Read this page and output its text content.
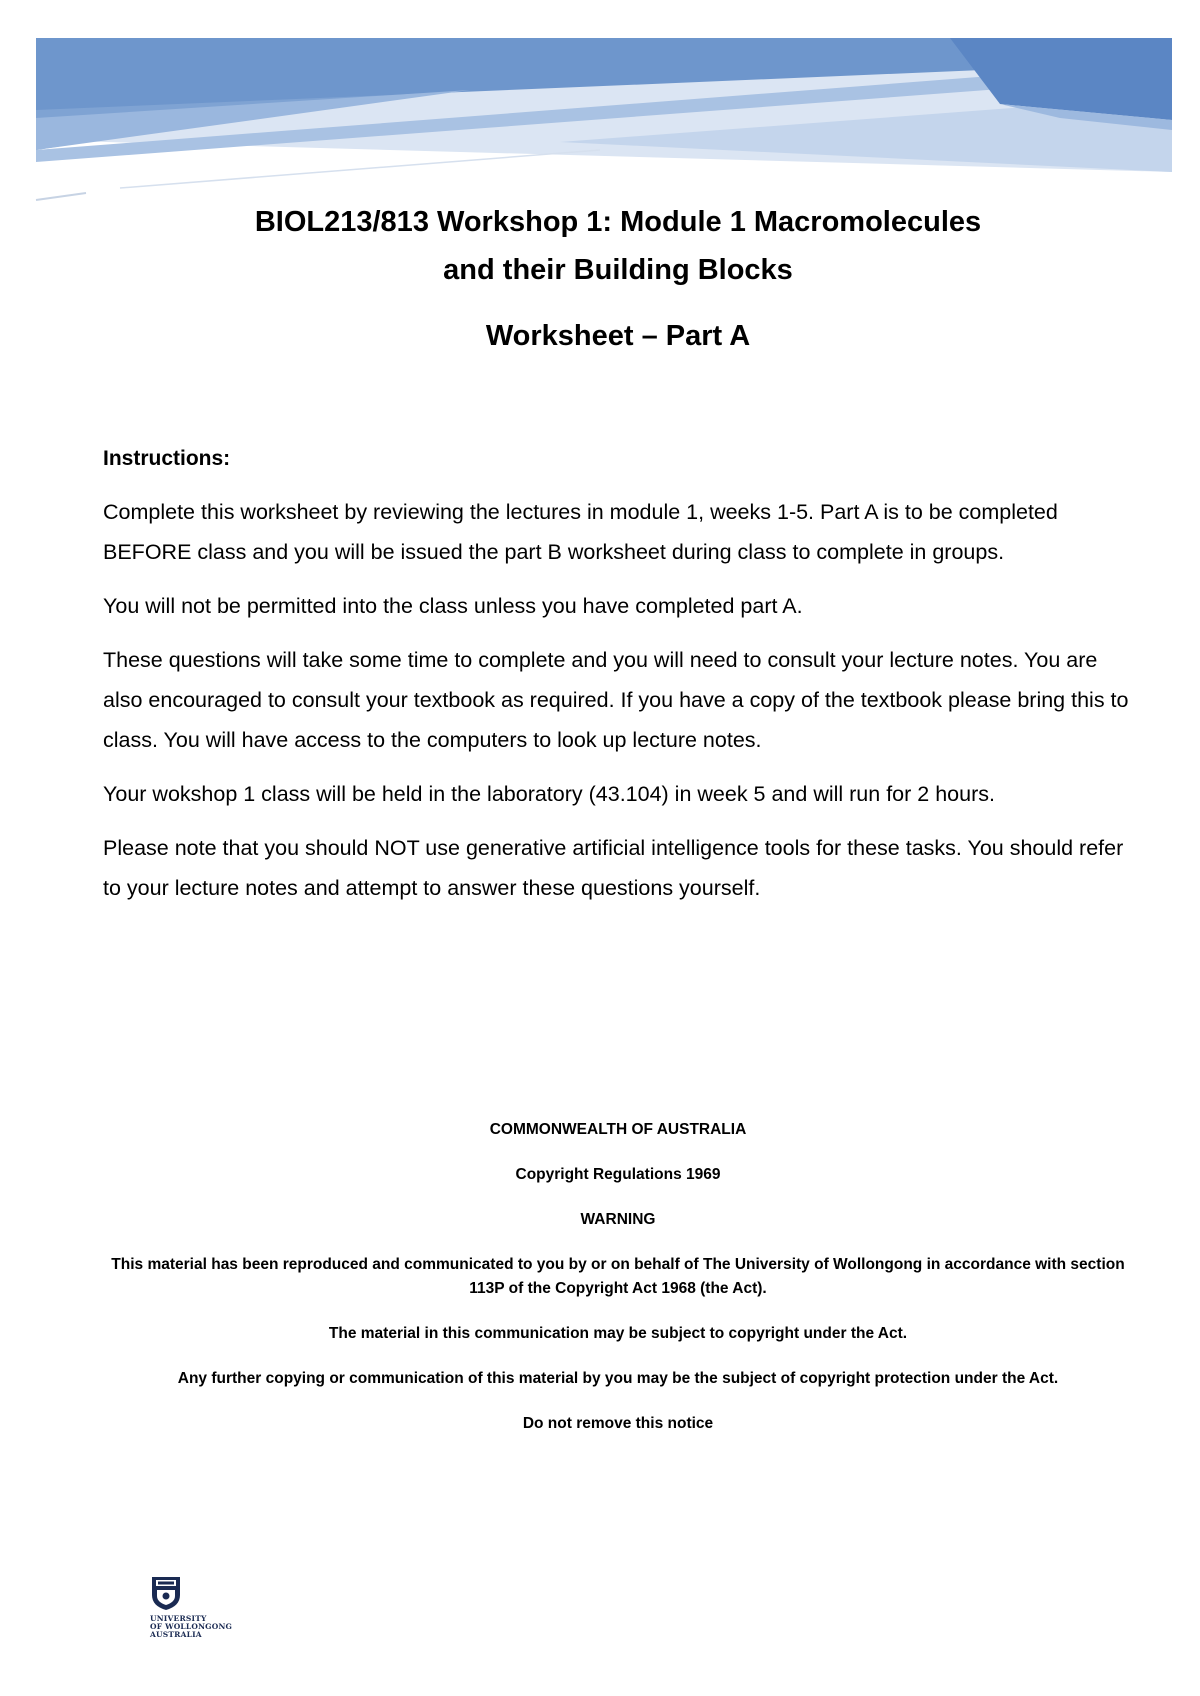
BIOL213/813 Workshop 1: Module 1 Macromolecules

and their Building Blocks

Worksheet – Part A

Instructions:

Complete this worksheet by reviewing the lectures in module 1, weeks 1-5. Part A is to be completed BEFORE class and you will be issued the part B worksheet during class to complete in groups.

You will not be permitted into the class unless you have completed part A.

These questions will take some time to complete and you will need to consult your lecture notes. You are also encouraged to consult your textbook as required. If you have a copy of the textbook please bring this to class. You will have access to the computers to look up lecture notes.

Your wokshop 1 class will be held in the laboratory (43.104) in week 5 and will run for 2 hours.

Please note that you should NOT use generative artificial intelligence tools for these tasks. You should refer to your lecture notes and attempt to answer these questions yourself.

COMMONWEALTH OF AUSTRALIA

Copyright Regulations 1969

WARNING

This material has been reproduced and communicated to you by or on behalf of The University of Wollongong in accordance with section 113P of the Copyright Act 1968 (the Act).

The material in this communication may be subject to copyright under the Act.

Any further copying or communication of this material by you may be the subject of copyright protection under the Act.

Do not remove this notice

UNIVERSITY
OF WOLLONGONG
AUSTRALIA
